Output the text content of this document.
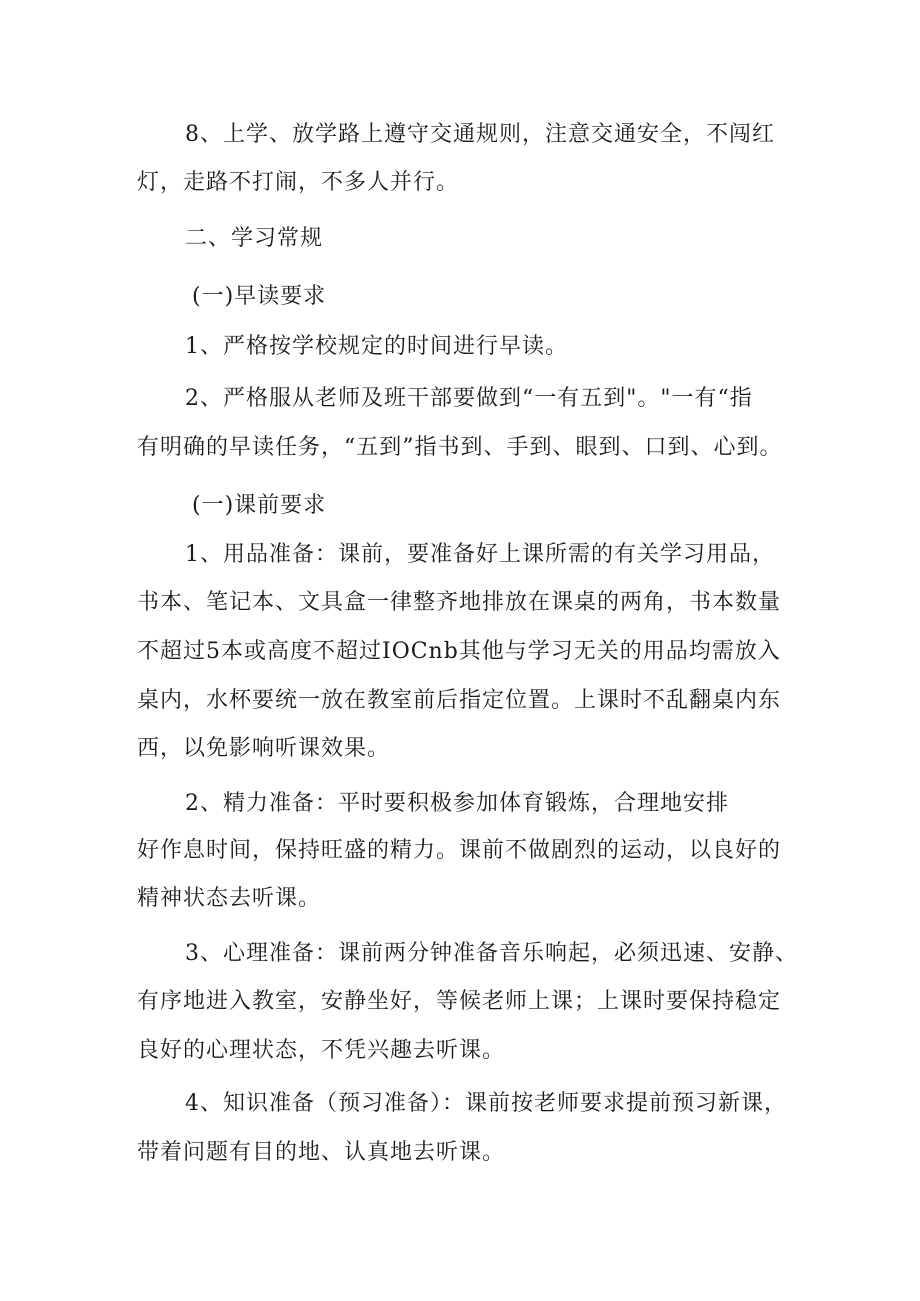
8、上学、放学路上遵守交通规则，注意交通安全，不闯红

灯，走路不打闹，不多人并行。

二、学习常规

(一)早读要求

1、严格按学校规定的时间进行早读。

2、严格服从老师及班干部要做到“一有五到"。"一有“指

有明确的早读任务，“五到”指书到、手到、眼到、口到、心到。

(一)课前要求

1、用品准备：课前，要准备好上课所需的有关学习用品，

书本、笔记本、文具盒一律整齐地排放在课桌的两角，书本数量

不超过5本或高度不超过IOCnb其他与学习无关的用品均需放入

桌内，水杯要统一放在教室前后指定位置。上课时不乱翻桌内东

西，以免影响听课效果。

2、精力准备：平时要积极参加体育锻炼，合理地安排

好作息时间，保持旺盛的精力。课前不做剧烈的运动，以良好的

精神状态去听课。

3、心理准备：课前两分钟准备音乐响起，必须迅速、安静、

有序地进入教室，安静坐好，等候老师上课；上课时要保持稳定

良好的心理状态，不凭兴趣去听课。

4、知识准备（预习准备）：课前按老师要求提前预习新课，

带着问题有目的地、认真地去听课。
